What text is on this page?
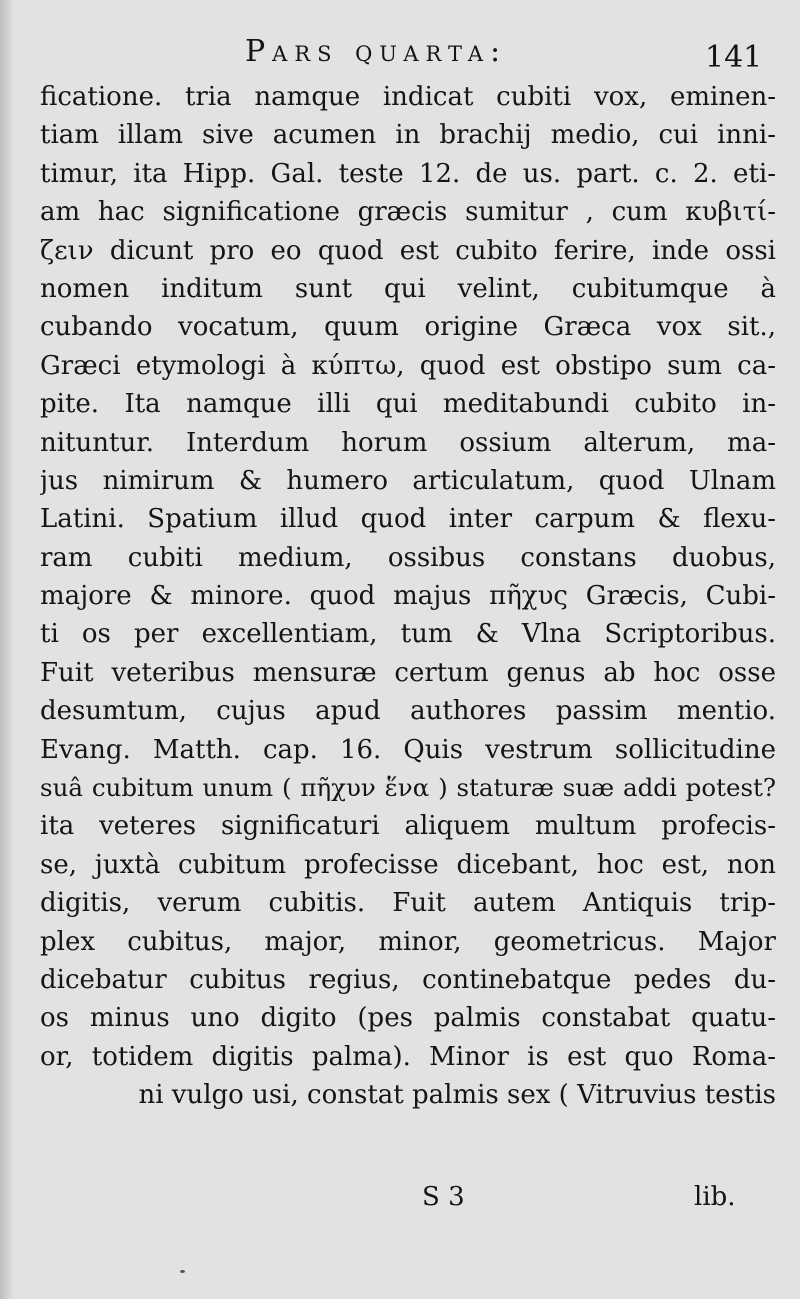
Pars quarta:	141
ficatione. tria namque indicat cubiti vox, eminen-
tiam illam sive acumen in brachij medio, cui inni-
timur, ita Hipp. Gal. teste 12. de us. part. c. 2. eti-
am hac significatione græcis sumitur , cum κυβιτί-
ζειν dicunt pro eo quod est cubito ferire, inde ossi
nomen inditum sunt qui velint, cubitumque à
cubando vocatum, quum origine Græca vox sit.,
Græci etymologi à κύπτω, quod est obstipo sum ca-
pite. Ita namque illi qui meditabundi cubito in-
nituntur. Interdum horum ossium alterum, ma-
jus nimirum & humero articulatum, quod Ulnam
Latini. Spatium illud quod inter carpum & flexu-
ram cubiti medium, ossibus constans duobus,
majore & minore. quod majus πῆχυς Græcis, Cubi-
ti os per excellentiam, tum & Vlna Scriptoribus.
Fuit veteribus mensuræ certum genus ab hoc osse
desumtum, cujus apud authores passim mentio.
Evang. Matth. cap. 16. Quis vestrum sollicitudine
suâ cubitum unum ( πῆχυν ἕνα ) staturæ suæ addi potest?
ita veteres significaturi aliquem multum profecis-
se, juxtà cubitum profecisse dicebant, hoc est, non
digitis, verum cubitis. Fuit autem Antiquis trip-
plex cubitus, major, minor, geometricus. Major
dicebatur cubitus regius, continebatque pedes du-
os minus uno digito (pes palmis constabat quatu-
or, totidem digitis palma). Minor is est quo Roma-
ni vulgo usi, constat palmis sex ( Vitruvius testis
S 3	lib.
